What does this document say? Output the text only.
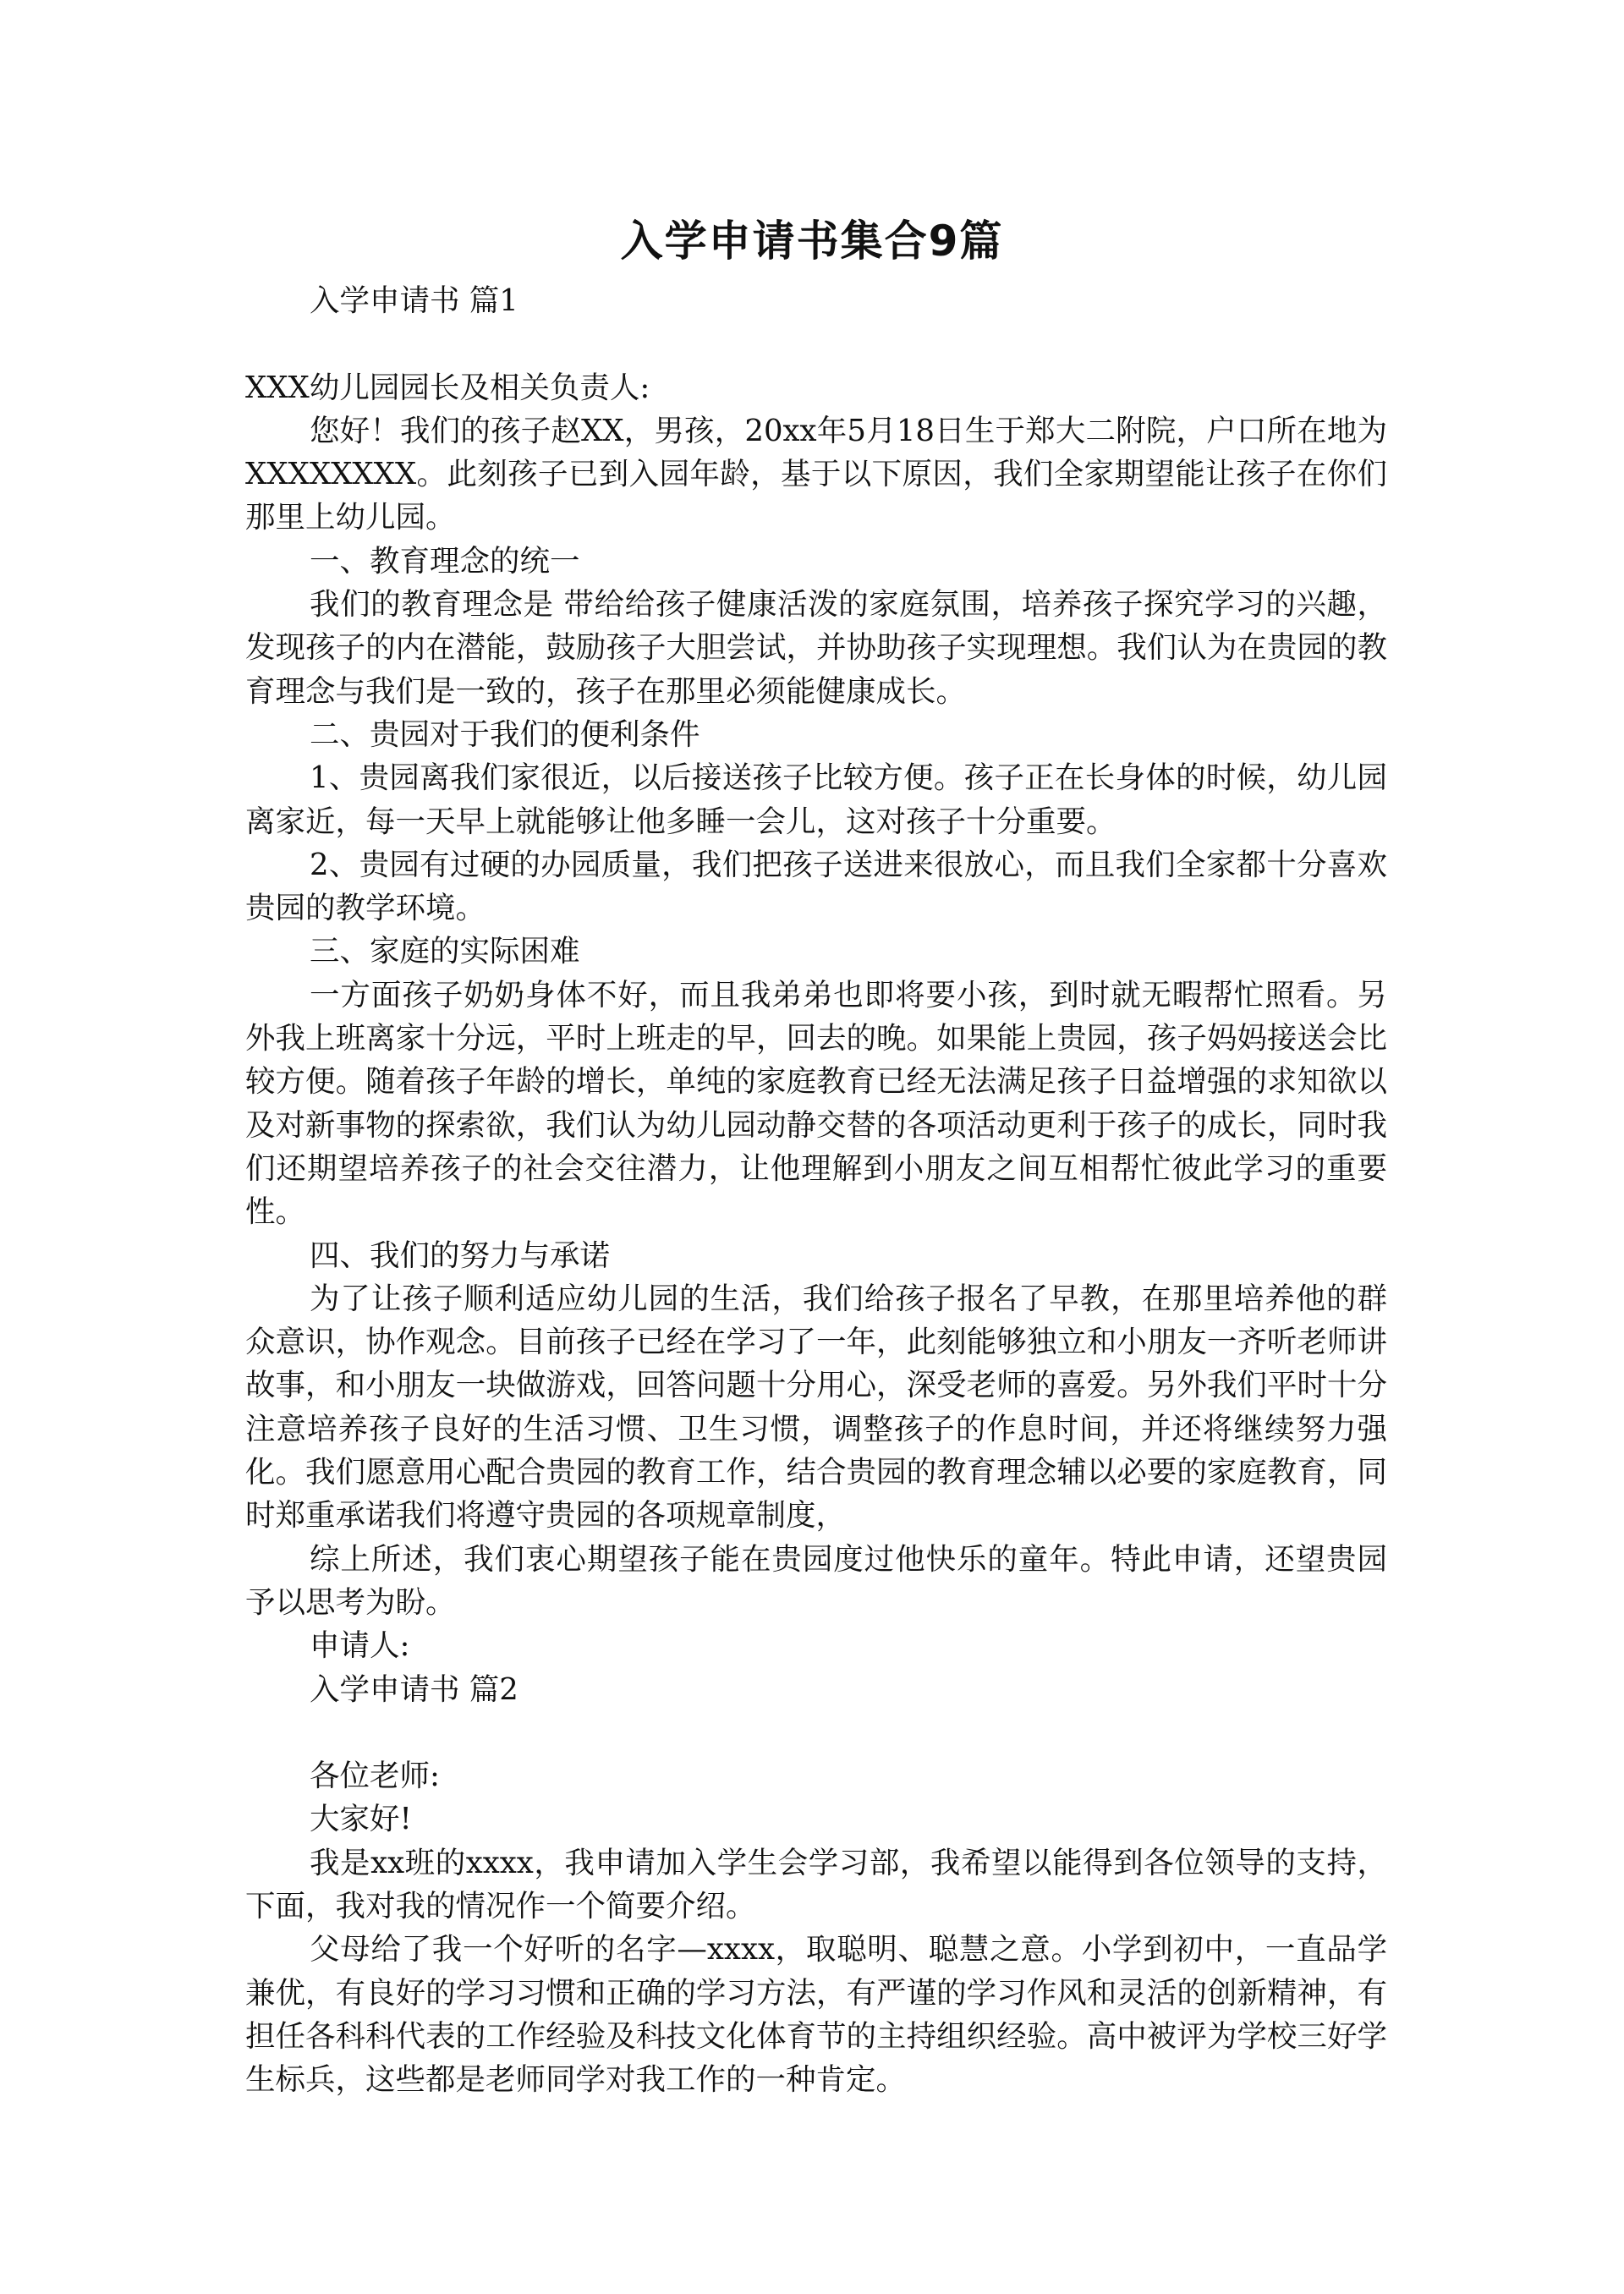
入学申请书集合9篇

入学申请书 篇1

XXX幼儿园园长及相关负责人:

您好！我们的孩子赵XX，男孩，20xx年5月18日生于郑大二附院，户口所在地为XXXXXXXX。此刻孩子已到入园年龄，基于以下原因，我们全家期望能让孩子在你们那里上幼儿园。

一、教育理念的统一

我们的教育理念是 带给给孩子健康活泼的家庭氛围，培养孩子探究学习的兴趣，发现孩子的内在潜能，鼓励孩子大胆尝试，并协助孩子实现理想。我们认为在贵园的教育理念与我们是一致的，孩子在那里必须能健康成长。

二、贵园对于我们的便利条件

1、贵园离我们家很近，以后接送孩子比较方便。孩子正在长身体的时候，幼儿园离家近，每一天早上就能够让他多睡一会儿，这对孩子十分重要。

2、贵园有过硬的办园质量，我们把孩子送进来很放心，而且我们全家都十分喜欢贵园的教学环境。

三、家庭的实际困难

一方面孩子奶奶身体不好，而且我弟弟也即将要小孩，到时就无暇帮忙照看。另外我上班离家十分远，平时上班走的早，回去的晚。如果能上贵园，孩子妈妈接送会比较方便。随着孩子年龄的增长，单纯的家庭教育已经无法满足孩子日益增强的求知欲以及对新事物的探索欲，我们认为幼儿园动静交替的各项活动更利于孩子的成长，同时我们还期望培养孩子的社会交往潜力，让他理解到小朋友之间互相帮忙彼此学习的重要性。

四、我们的努力与承诺

为了让孩子顺利适应幼儿园的生活，我们给孩子报名了早教，在那里培养他的群众意识，协作观念。目前孩子已经在学习了一年，此刻能够独立和小朋友一齐听老师讲故事，和小朋友一块做游戏，回答问题十分用心，深受老师的喜爱。另外我们平时十分注意培养孩子良好的生活习惯、卫生习惯，调整孩子的作息时间，并还将继续努力强化。我们愿意用心配合贵园的教育工作，结合贵园的教育理念辅以必要的家庭教育，同时郑重承诺我们将遵守贵园的各项规章制度，

综上所述，我们衷心期望孩子能在贵园度过他快乐的童年。特此申请，还望贵园予以思考为盼。

申请人:

入学申请书 篇2

各位老师:

大家好!

我是xx班的xxxx，我申请加入学生会学习部，我希望以能得到各位领导的支持，下面，我对我的情况作一个简要介绍。

父母给了我一个好听的名字—xxxx，取聪明、聪慧之意。小学到初中，一直品学兼优，有良好的学习习惯和正确的学习方法，有严谨的学习作风和灵活的创新精神，有担任各科科代表的工作经验及科技文化体育节的主持组织经验。高中被评为学校三好学生标兵，这些都是老师同学对我工作的一种肯定。
